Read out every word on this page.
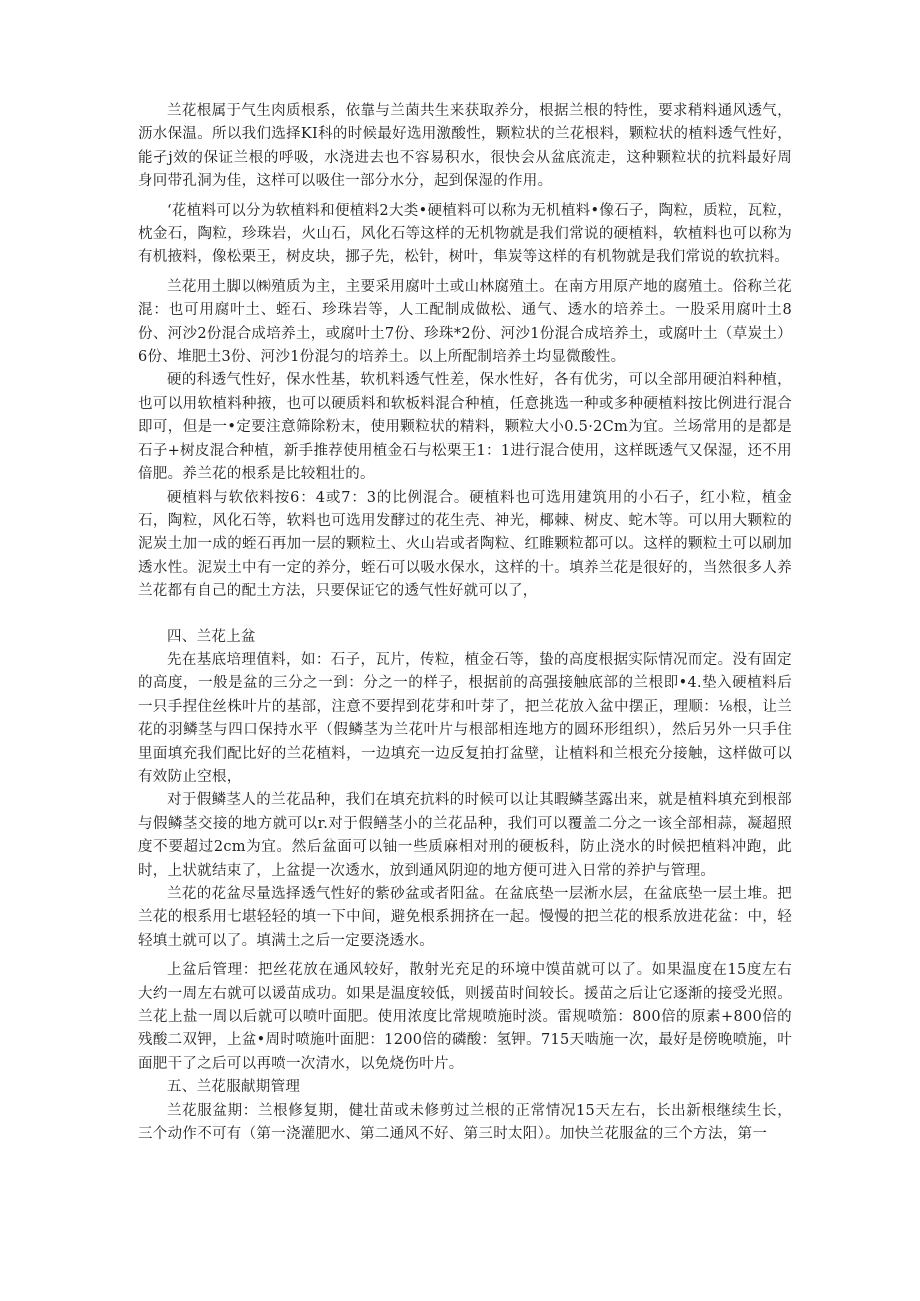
兰花根属于气生肉质根系，依靠与兰菌共生来获取养分，根据兰根的特性，要求稍料通风透气，沥水保温。所以我们选择KI科的时候最好选用激酸性，颗粒状的兰花根料，颗粒状的植料透气性好，能孑j效的保证兰根的呼吸，水浇进去也不容易积水，很快会从盆底流走，这种颗粒状的抗料最好周身冋带孔洞为佳，这样可以吸住一部分水分，起到保湿的作用。

‘花植料可以分为软植料和便植料2大类•硬植料可以称为无机植料•像石子，陶粒，质粒，瓦粒，枕金石，陶粒，珍珠岩，火山石，风化石等这样的无机物就是我们常说的硬植料，软植料也可以称为有机掖料，像松栗王，树皮块，挪子先，松针，树叶，隼炭等这样的有机物就是我们常说的软抗料。

兰花用土脚以㈱殖质为主，主要采用腐叶土或山林腐殖土。在南方用原产地的腐殖土。俗称兰花混：也可用腐叶土、蛭石、珍珠岩等，人工配制成做松、通气、透水的培养土。一股采用腐叶土8份、河沙2份混合成培养土，或腐叶土7份、珍珠*2份、河沙1份混合成培养土，或腐叶土（草炭土）6份、堆肥土3份、河沙1份混匀的培养土。以上所配制培养土均显微酸性。

硬的科透气性好，保水性基，软机料透气性差，保水性好，各有优劣，可以全部用硬泊料种植，也可以用软植料种掖，也可以硬质料和软板料混合种植，任意挑选一种或多种硬植料按比例进行混合即可，但是一•定要注意筛除粉末，使用颗粒状的精料，颗粒大小0.5·2Cm为宜。兰场常用的是都是石子+树皮混合种植，新手推荐使用植金石与松栗王1：1进行混合使用，这样既透气又保湿，还不用偣肥。养兰花的根系是比较粗壮的。

硬植料与软依料按6：4或7：3的比例混合。硬植料也可选用建筑用的小石子，红小粒，植金石，陶粒，风化石等，软料也可选用发酵过的花生壳、神光，椰棘、树皮、蛇木等。可以用大颗粒的泥炭土加一成的蛭石再加一层的颗粒土、火山岩或者陶粒、红睢颗粒都可以。这样的颗粒土可以刷加透水性。泥炭土中有一定的养分，蛭石可以吸水保水，这样的十。填养兰花是很好的，当然很多人养兰花都有自己的配土方法，只要保证它的透气性好就可以了，

四、兰花上盆

先在基底培理值料，如：石子，瓦片，传粒，植金石等，蛰的高度根据实际情况而定。没有固定的高度，一般是盆的三分之一到：分之一的样子，根据前的高强接触底部的兰根即•4.垫入硬植料后一只手捏住丝株叶片的基部，注意不要捍到花芽和叶芽了，把兰花放入盆中摆正，理顺：⅛根，让兰花的羽鳞茎与四口保持水平（假鳞茎为兰花叶片与根部相连地方的圆环形组织），然后另外一只手住里面填充我们配比好的兰花植料，一边填充一边反复拍打盆壁，让植料和兰根充分接触，这样做可以有效防止空根，

对于假鳞茎人的兰花品种，我们在填充抗料的时候可以让其暇鳞茎露出来，就是植料填充到根部与假鳞茎交接的地方就可以r.对于假鳝茎小的兰花品种，我们可以覆盖二分之一该全部相蒜，凝超照度不要超过2cm为宜。然后盆面可以铀一些质麻相对刑的硬板科，防止浇水的时候把植料冲跑，此时，上状就结束了，上盆提一次透水，放到通风阴迎的地方便可进入日常的养护与管理。

兰花的花盆尽量选择透气性好的紫砂盆或者阳盆。在盆底垫一层淅水层，在盆底垫一层土堆。把兰花的根系用七堪轻轻的填一下中间，避免根系拥挤在一起。慢慢的把兰花的根系放进花盆：中，轻轻填土就可以了。填满土之后一定要浇透水。

上盆后管理：把丝花放在通风较好，散射光充足的环境中馍苗就可以了。如果温度在15度左右大约一周左右就可以谖苗成功。如果是温度较低，则援苗时间较长。援苗之后让它逐渐的接受光照。兰花上盐一周以后就可以喷叶面肥。使用浓度比常规喷施时淡。雷规喷笳：800倍的原素+800倍的残酸二双钾，上盆•周时喷施叶面肥：1200倍的磷酸：氢钾。715天啮施一次，最好是傍晚喷施，叶面肥干了之后可以再喷一次清水，以免烧伤叶片。

五、兰花服献期管理

兰花服盆期：兰根修复期，健壮苗或未修剪过兰根的正常情况15天左右，长出新根继续生长，三个动作不可有（第一浇灌肥水、第二通风不好、第三时太阳）。加快兰花服盆的三个方法，第一
